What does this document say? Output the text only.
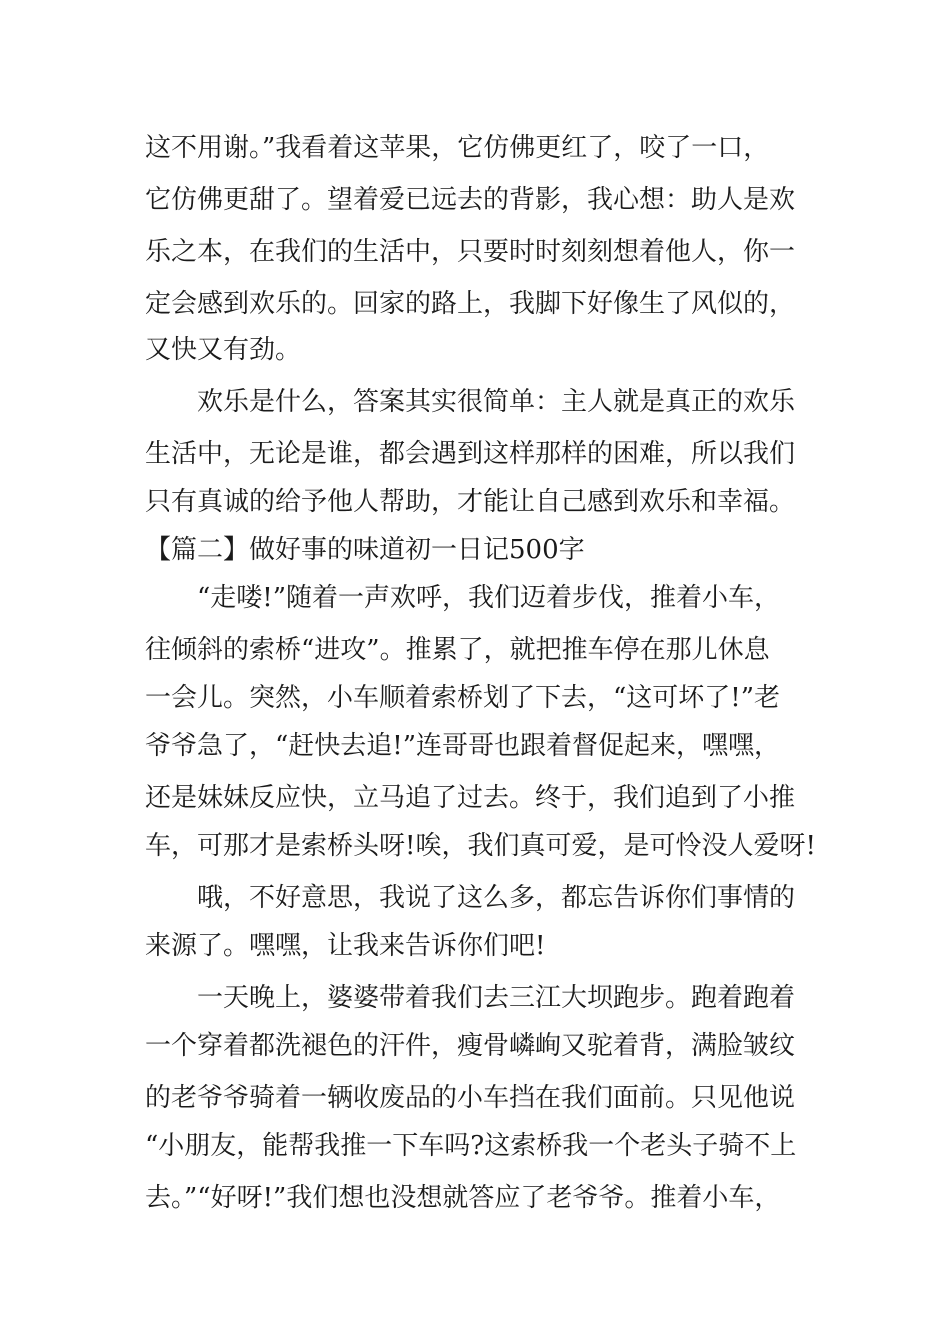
这不用谢。”我看着这苹果，它仿佛更红了，咬了一口，
它仿佛更甜了。望着爱已远去的背影，我心想：助人是欢
乐之本，在我们的生活中，只要时时刻刻想着他人，你一
定会感到欢乐的。回家的路上，我脚下好像生了风似的，
又快又有劲。
　　欢乐是什么，答案其实很简单：主人就是真正的欢乐
生活中，无论是谁，都会遇到这样那样的困难，所以我们
只有真诚的给予他人帮助，才能让自己感到欢乐和幸福。
【篇二】做好事的味道初一日记500字
　　“走喽!”随着一声欢呼，我们迈着步伐，推着小车，
往倾斜的索桥“进攻”。推累了，就把推车停在那儿休息
一会儿。突然，小车顺着索桥划了下去，“这可坏了!”老
爷爷急了，“赶快去追!”连哥哥也跟着督促起来，嘿嘿，
还是妹妹反应快，立马追了过去。终于，我们追到了小推
车，可那才是索桥头呀!唉，我们真可爱，是可怜没人爱呀!
　　哦，不好意思，我说了这么多，都忘告诉你们事情的
来源了。嘿嘿，让我来告诉你们吧!
　　一天晚上，婆婆带着我们去三江大坝跑步。跑着跑着
一个穿着都洗褪色的汗件，瘦骨嶙峋又驼着背，满脸皱纹
的老爷爷骑着一辆收废品的小车挡在我们面前。只见他说
“小朋友，能帮我推一下车吗?这索桥我一个老头子骑不上
去。”“好呀!”我们想也没想就答应了老爷爷。推着小车，
